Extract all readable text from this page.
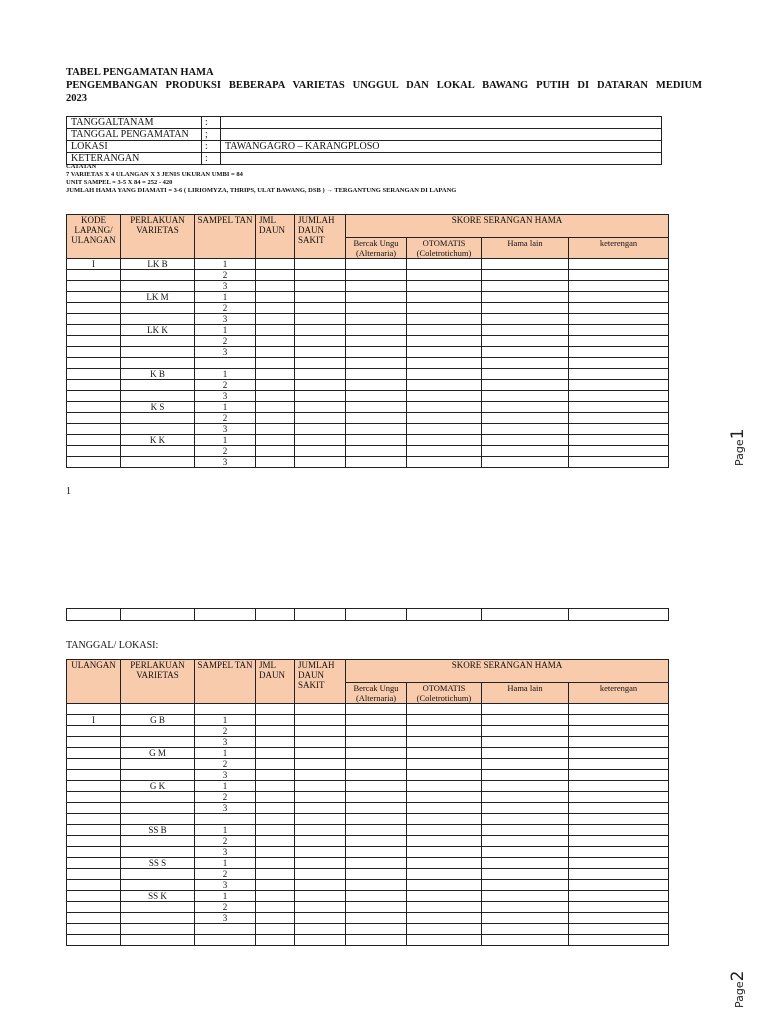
TABEL PENGAMATAN HAMA
PENGEMBANGAN PRODUKSI BEBERAPA VARIETAS UNGGUL DAN LOKAL BAWANG PUTIH DI DATARAN MEDIUM
2023
TANGGALTANAM	:	
TANGGAL PENGAMATAN	;	
LOKASI	:	TAWANGAGRO – KARANGPLOSO
KETERANGAN	:	
CATATAN
7 VARIETAS X 4 ULANGAN X 3 JENIS UKURAN UMBI = 84
UNIT SAMPEL = 3-5 X 84 = 252 - 420
JUMLAH HAMA YANG DIAMATI = 3-6 ( LIRIOMYZA, THRIPS, ULAT BAWANG, DSB ) → TERGANTUNG SERANGAN DI LAPANG
KODE LAPANG/ ULANGAN	PERLAKUAN VARIETAS	SAMPEL TAN	JML DAUN	JUMLAH DAUN SAKIT	SKORE SERANGAN HAMA			
					Bercak Ungu (Alternaria)	OTOMATIS (Coletrotichum)	Hama lain	keterengan
I	LK B	1						
		2						
		3						
	LK M	1						
		2						
		3						
	LK K	1						
		2						
		3						

	K B	1						
		2						
		3						
	K S	1						
		2						
		3						
	K K	1						
		2						
		3						
1

TANGGAL/ LOKASI:
ULANGAN	PERLAKUAN VARIETAS	SAMPEL TAN	JML DAUN	JUMLAH DAUN SAKIT	SKORE SERANGAN HAMA			
					Bercak Ungu (Alternaria)	OTOMATIS (Coletrotichum)	Hama lain	keterengan

I	G B	1						
		2						
		3						
	G M	1						
		2						
		3						
	G K	1						
		2						
		3						

	SS B	1						
		2						
		3						
	SS S	1						
		2						
		3						
	SS K	1						
		2						
		3						

Page1
Page2
